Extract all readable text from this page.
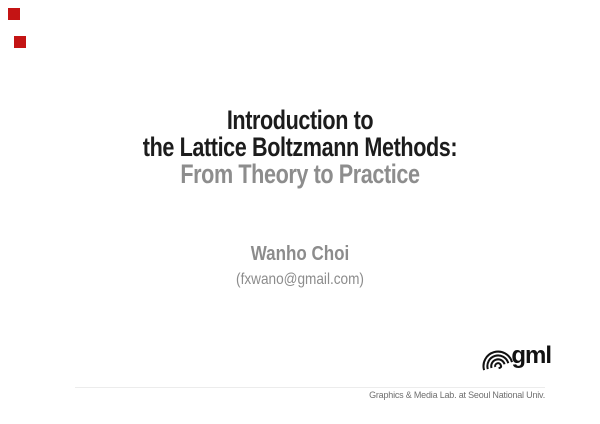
Introduction to
the Lattice Boltzmann Methods:
From Theory to Practice
Wanho Choi
(fxwano@gmail.com)
gml
Graphics & Media Lab. at Seoul National Univ.
